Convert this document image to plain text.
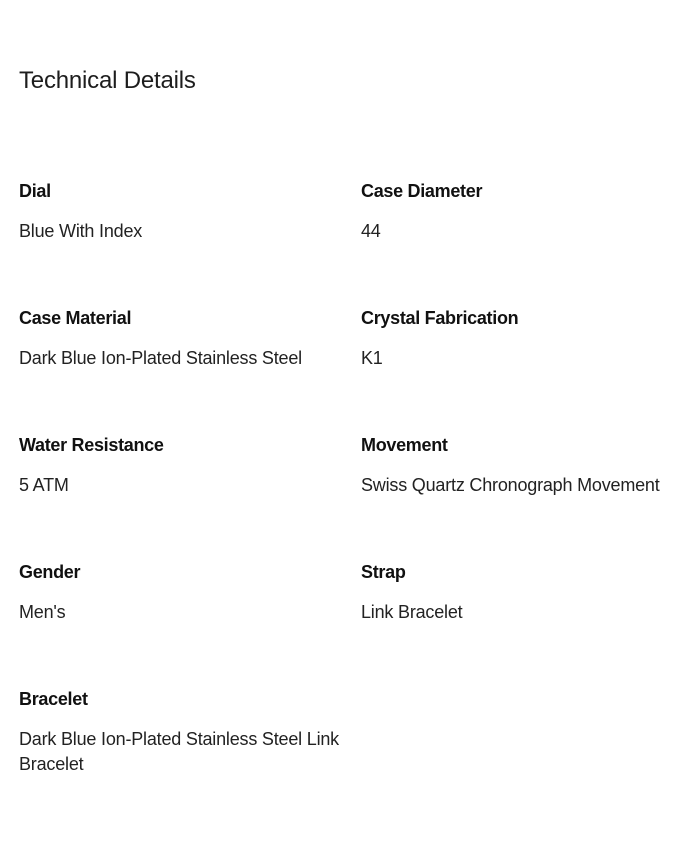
Technical Details
Dial
Blue With Index
Case Diameter
44
Case Material
Dark Blue Ion-Plated Stainless Steel
Crystal Fabrication
K1
Water Resistance
5 ATM
Movement
Swiss Quartz Chronograph Movement
Gender
Men's
Strap
Link Bracelet
Bracelet
Dark Blue Ion-Plated Stainless Steel Link Bracelet
